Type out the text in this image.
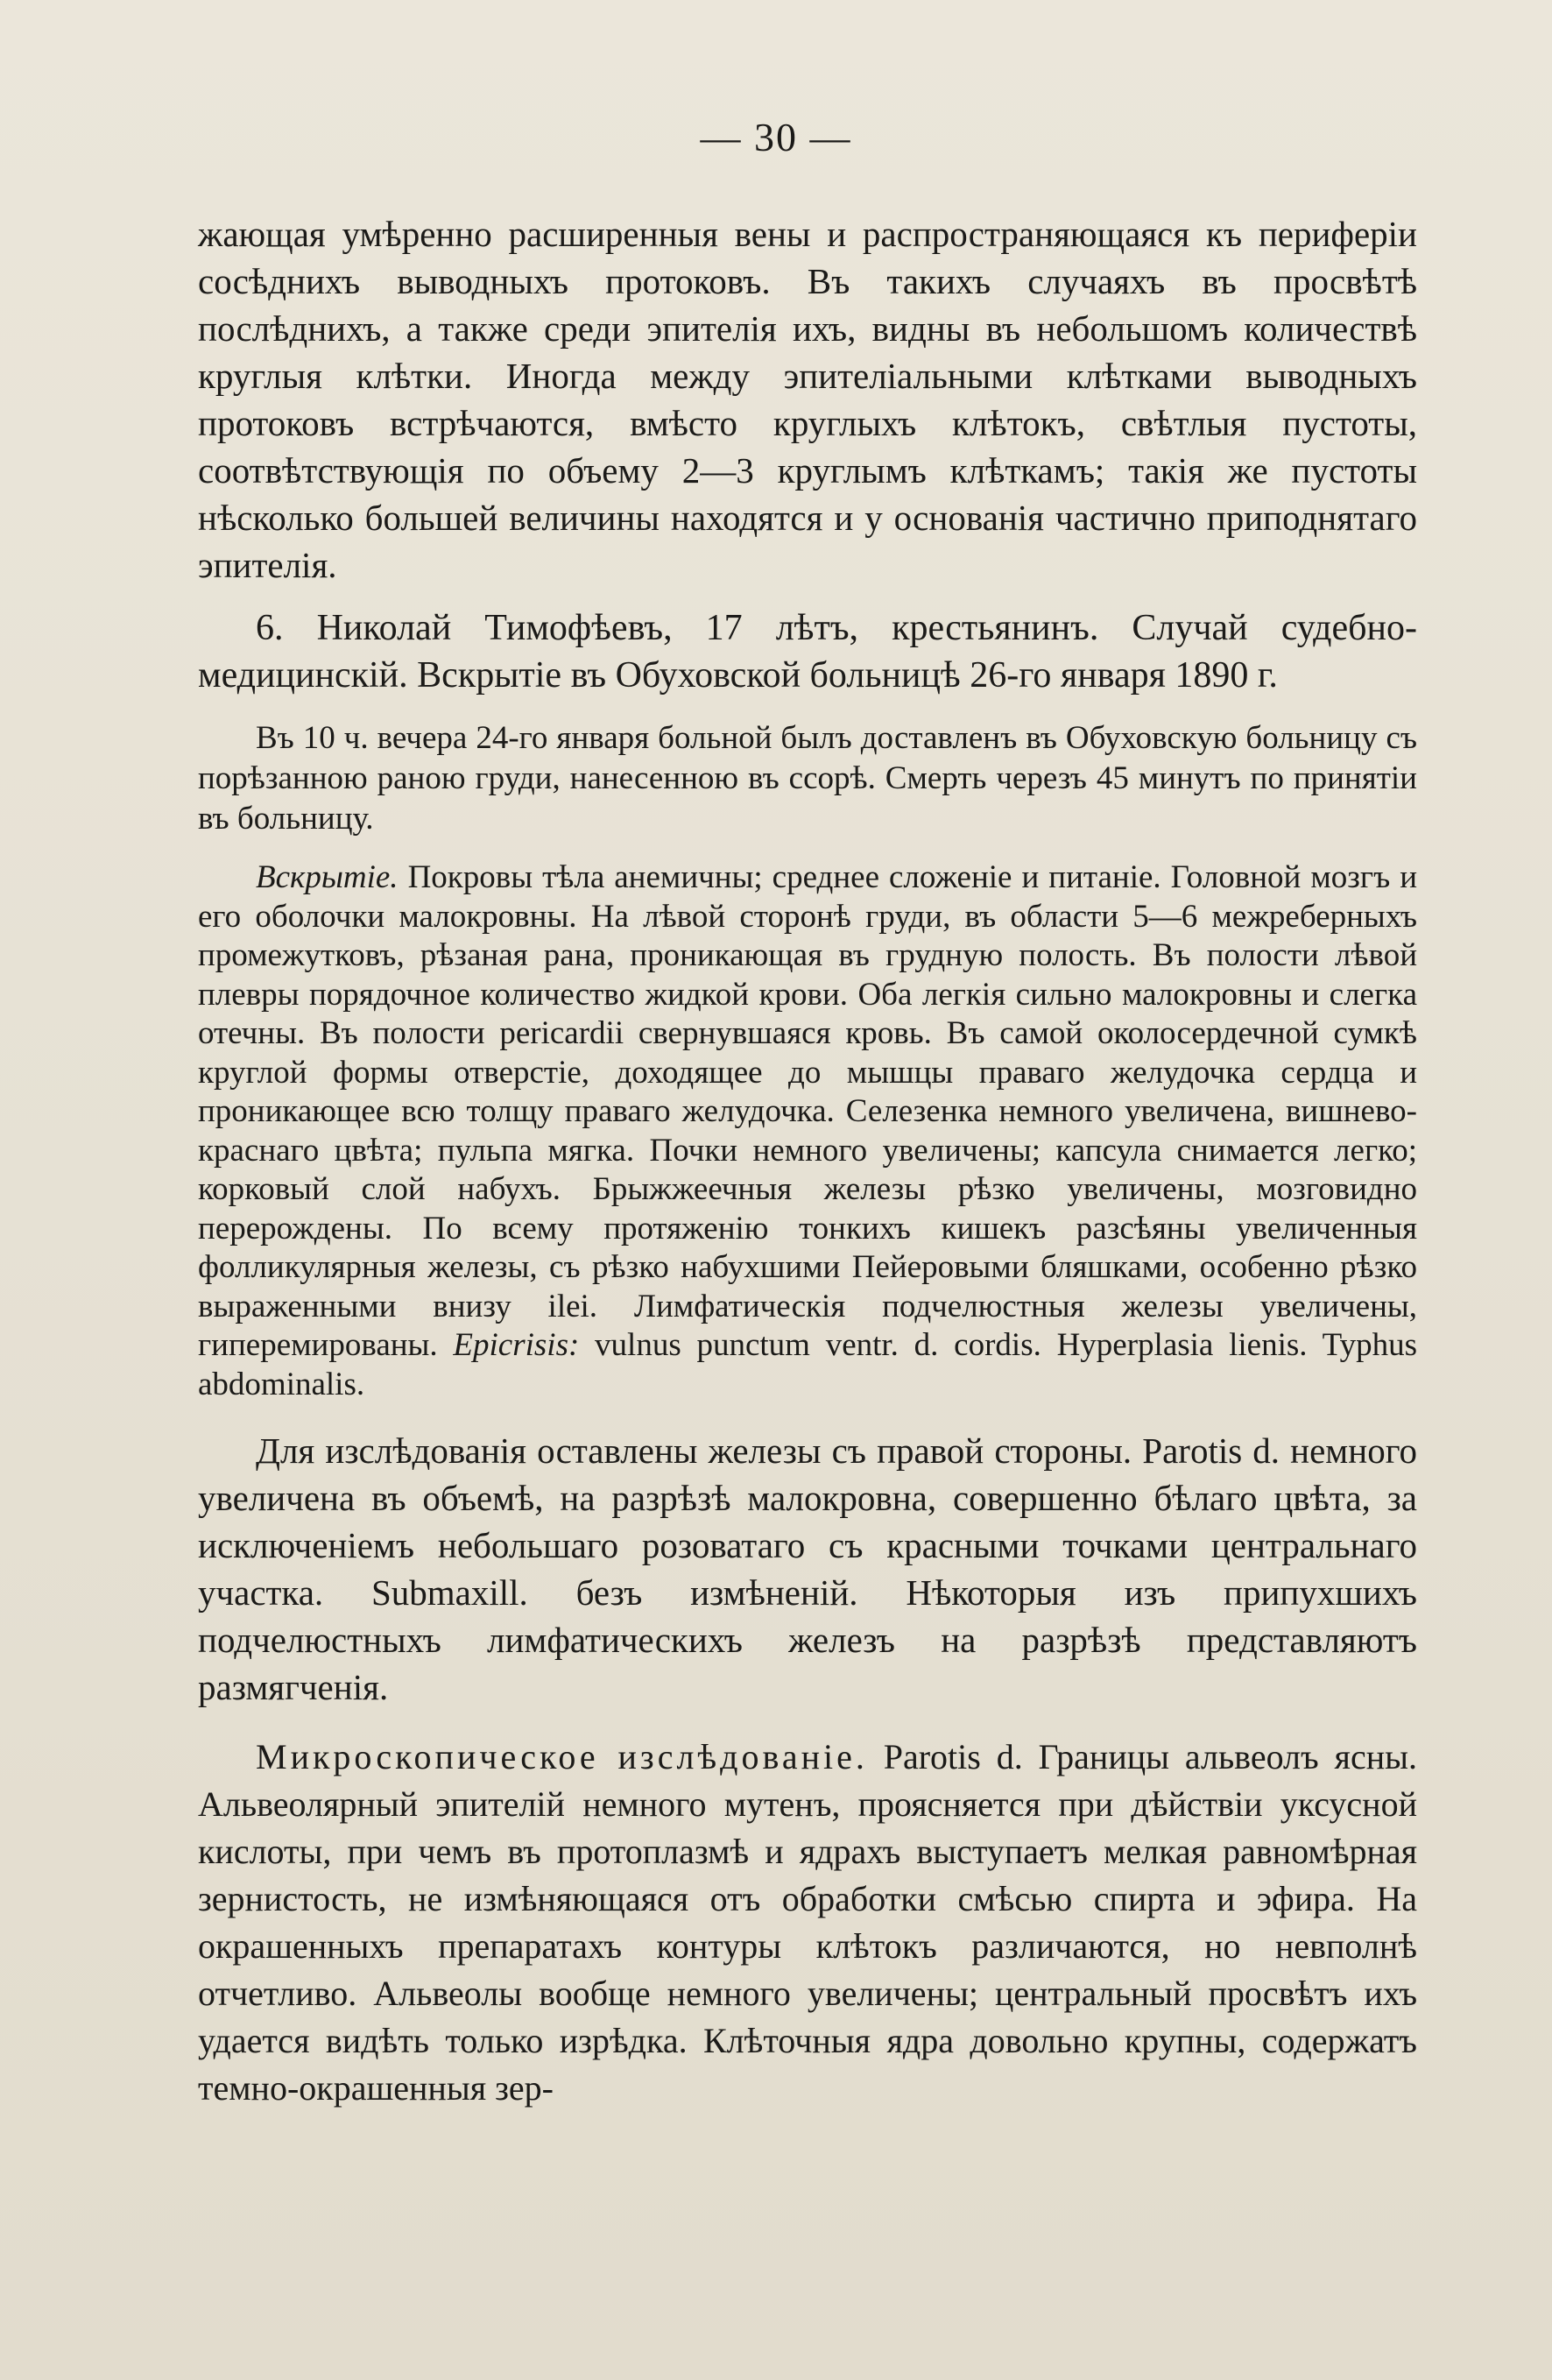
— 30 —

жающая умѣренно расширенныя вены и распространяющаяся къ периферіи сосѣднихъ выводныхъ протоковъ. Въ такихъ случаяхъ въ просвѣтѣ послѣднихъ, а также среди эпителія ихъ, видны въ небольшомъ количествѣ круглыя клѣтки. Иногда между эпителіальными клѣтками выводныхъ протоковъ встрѣчаются, вмѣсто круглыхъ клѣтокъ, свѣтлыя пустоты, соотвѣтствующія по объему 2—3 круглымъ клѣткамъ; такія же пустоты нѣсколько большей величины находятся и у основанія частично приподнятаго эпителія.

6. Николай Тимофѣевъ, 17 лѣтъ, крестьянинъ. Случай судебно-медицинскій. Вскрытіе въ Обуховской больницѣ 26-го января 1890 г.

Въ 10 ч. вечера 24-го января больной былъ доставленъ въ Обуховскую больницу съ порѣзанною раною груди, нанесенною въ ссорѣ. Смерть черезъ 45 минутъ по принятіи въ больницу.

Вскрытіе. Покровы тѣла анемичны; среднее сложеніе и питаніе. Головной мозгъ и его оболочки малокровны. На лѣвой сторонѣ груди, въ области 5—6 межреберныхъ промежутковъ, рѣзаная рана, проникающая въ грудную полость. Въ полости лѣвой плевры порядочное количество жидкой крови. Оба легкія сильно малокровны и слегка отечны. Въ полости pericardii свернувшаяся кровь. Въ самой околосердечной сумкѣ круглой формы отверстіе, доходящее до мышцы праваго желудочка сердца и проникающее всю толщу праваго желудочка. Селезенка немного увеличена, вишнево-краснаго цвѣта; пульпа мягка. Почки немного увеличены; капсула снимается легко; корковый слой набухъ. Брыжжеечныя железы рѣзко увеличены, мозговидно перерождены. По всему протяженію тонкихъ кишекъ разсѣяны увеличенныя фолликулярныя железы, съ рѣзко набухшими Пейеровыми бляшками, особенно рѣзко выраженными внизу ilei. Лимфатическія подчелюстныя железы увеличены, гиперемированы. Epicrisis: vulnus punctum ventr. d. cordis. Hyperplasia lienis. Typhus abdominalis.

Для изслѣдованія оставлены железы съ правой стороны. Parotis d. немного увеличена въ объемѣ, на разрѣзѣ малокровна, совершенно бѣлаго цвѣта, за исключеніемъ небольшаго розоватаго съ красными точками центральнаго участка. Submaxill. безъ измѣненій. Нѣкоторыя изъ припухшихъ подчелюстныхъ лимфатическихъ железъ на разрѣзѣ представляютъ размягченія.

Микроскопическое изслѣдованіе. Parotis d. Границы альвеолъ ясны. Альвеолярный эпителій немного мутенъ, проясняется при дѣйствіи уксусной кислоты, при чемъ въ протоплазмѣ и ядрахъ выступаетъ мелкая равномѣрная зернистость, не измѣняющаяся отъ обработки смѣсью спирта и эфира. На окрашенныхъ препаратахъ контуры клѣтокъ различаются, но невполнѣ отчетливо. Альвеолы вообще немного увеличены; центральный просвѣтъ ихъ удается видѣть только изрѣдка. Клѣточныя ядра довольно крупны, содержатъ темно-окрашенныя зер-
